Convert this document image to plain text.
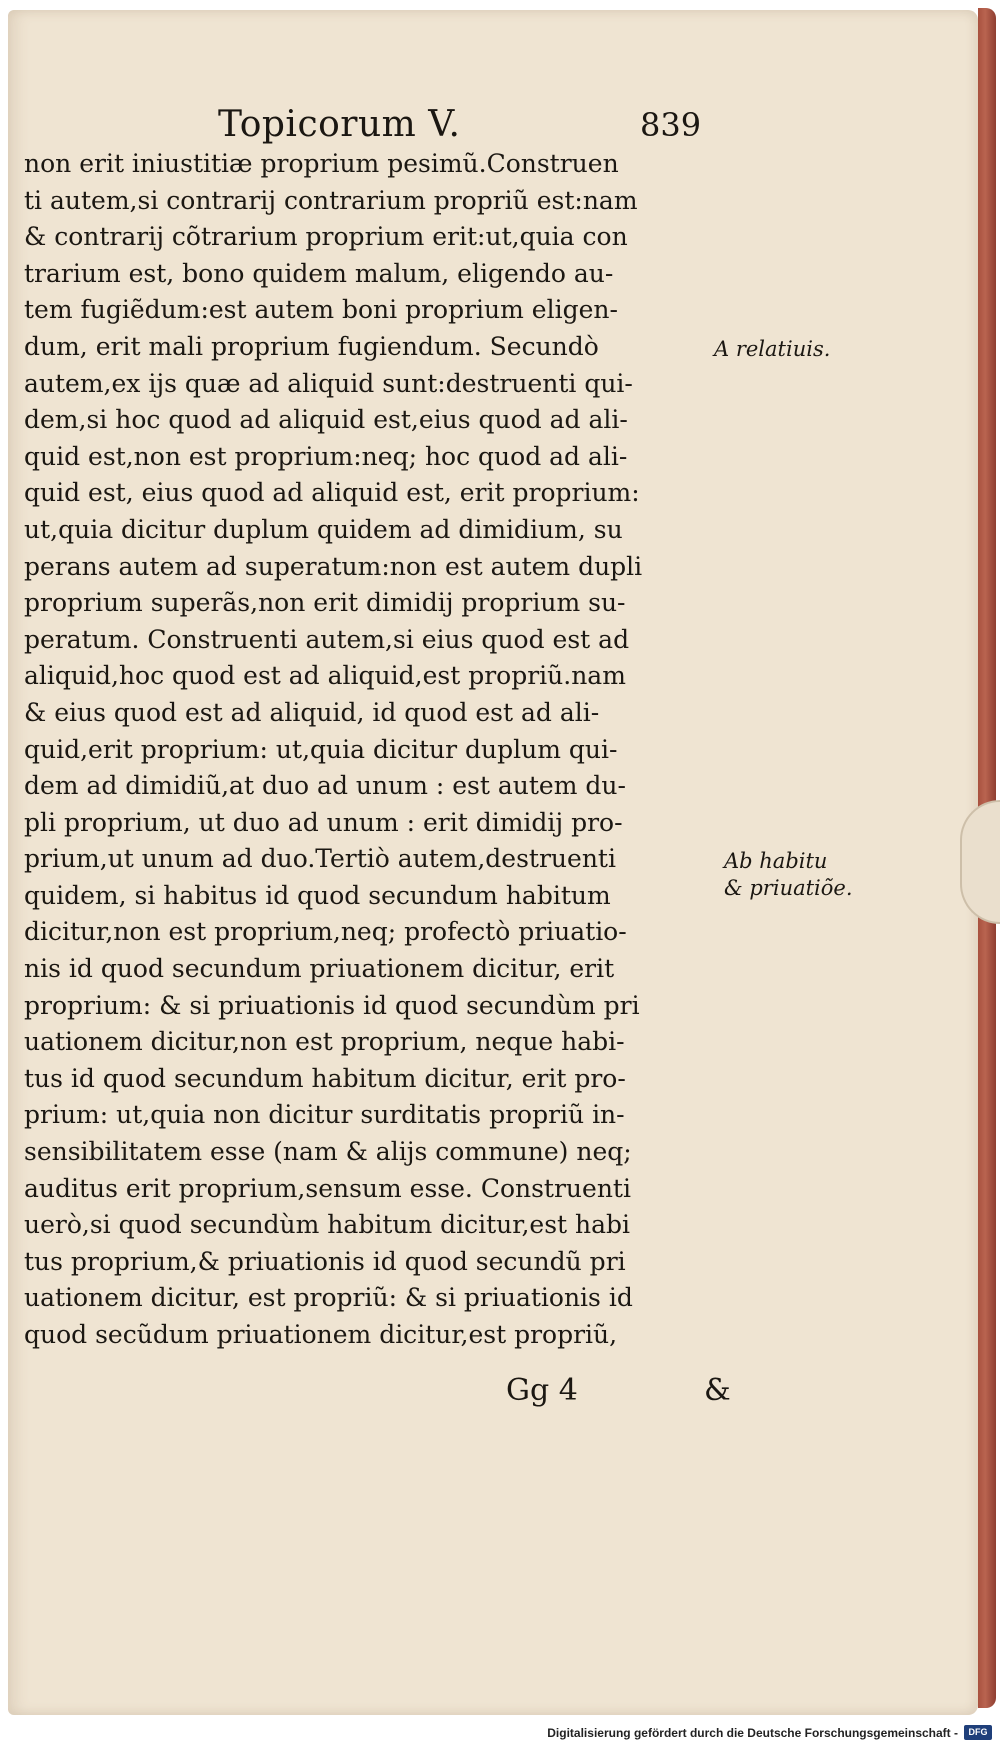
Topicorum V.	839
non erit iniustitiæ proprium pesimũ.Construen
ti autem,si contrarij contrarium propriũ est:nam
& contrarij cõtrarium proprium erit:ut,quia con
trarium est, bono quidem malum, eligendo au-
tem fugiẽdum:est autem boni proprium eligen-
dum, erit mali proprium fugiendum. Secundò
autem,ex ijs quæ ad aliquid sunt:destruenti qui-
dem,si hoc quod ad aliquid est,eius quod ad ali-
quid est,non est proprium:neq; hoc quod ad ali-
quid est, eius quod ad aliquid est, erit proprium:
ut,quia dicitur duplum quidem ad dimidium, su
perans autem ad superatum:non est autem dupli
proprium superãs,non erit dimidij proprium su-
peratum. Construenti autem,si eius quod est ad
aliquid,hoc quod est ad aliquid,est propriũ.nam
& eius quod est ad aliquid, id quod est ad ali-
quid,erit proprium: ut,quia dicitur duplum qui-
dem ad dimidiũ,at duo ad unum : est autem du-
pli proprium, ut duo ad unum : erit dimidij pro-
prium,ut unum ad duo.Tertiò autem,destruenti
quidem, si habitus id quod secundum habitum
dicitur,non est proprium,neq; profectò priuatio-
nis id quod secundum priuationem dicitur, erit
proprium: & si priuationis id quod secundùm pri
uationem dicitur,non est proprium, neque habi-
tus id quod secundum habitum dicitur, erit pro-
prium: ut,quia non dicitur surditatis propriũ in-
sensibilitatem esse (nam & alijs commune) neq;
auditus erit proprium,sensum esse. Construenti
uerò,si quod secundùm habitum dicitur,est habi
tus proprium,& priuationis id quod secundũ pri
uationem dicitur, est propriũ: & si priuationis id
quod secũdum priuationem dicitur,est propriũ,
A relatiuis.
Ab habitu
& priuatiõe.
Gg 4	&
Digitalisierung gefördert durch die Deutsche Forschungsgemeinschaft -	DFG
